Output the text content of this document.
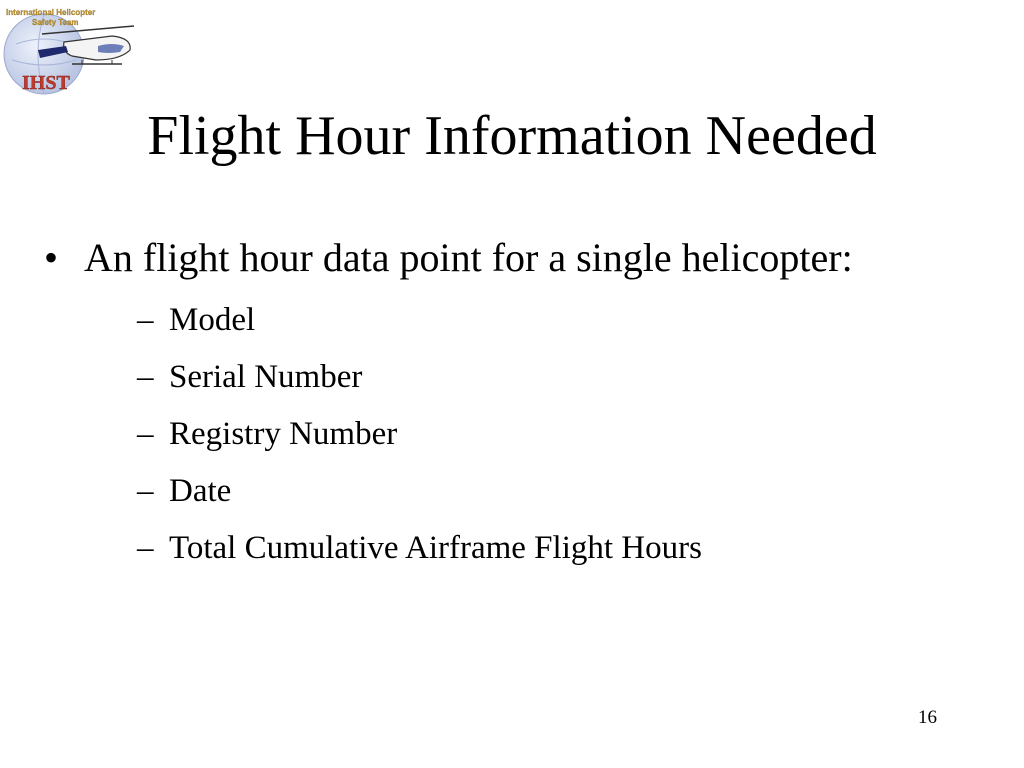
International Helicopter
Safety Team
IHST
Flight Hour Information Needed
• An flight hour data point for a single helicopter:
– Model
– Serial Number
– Registry Number
– Date
– Total Cumulative Airframe Flight Hours
16
